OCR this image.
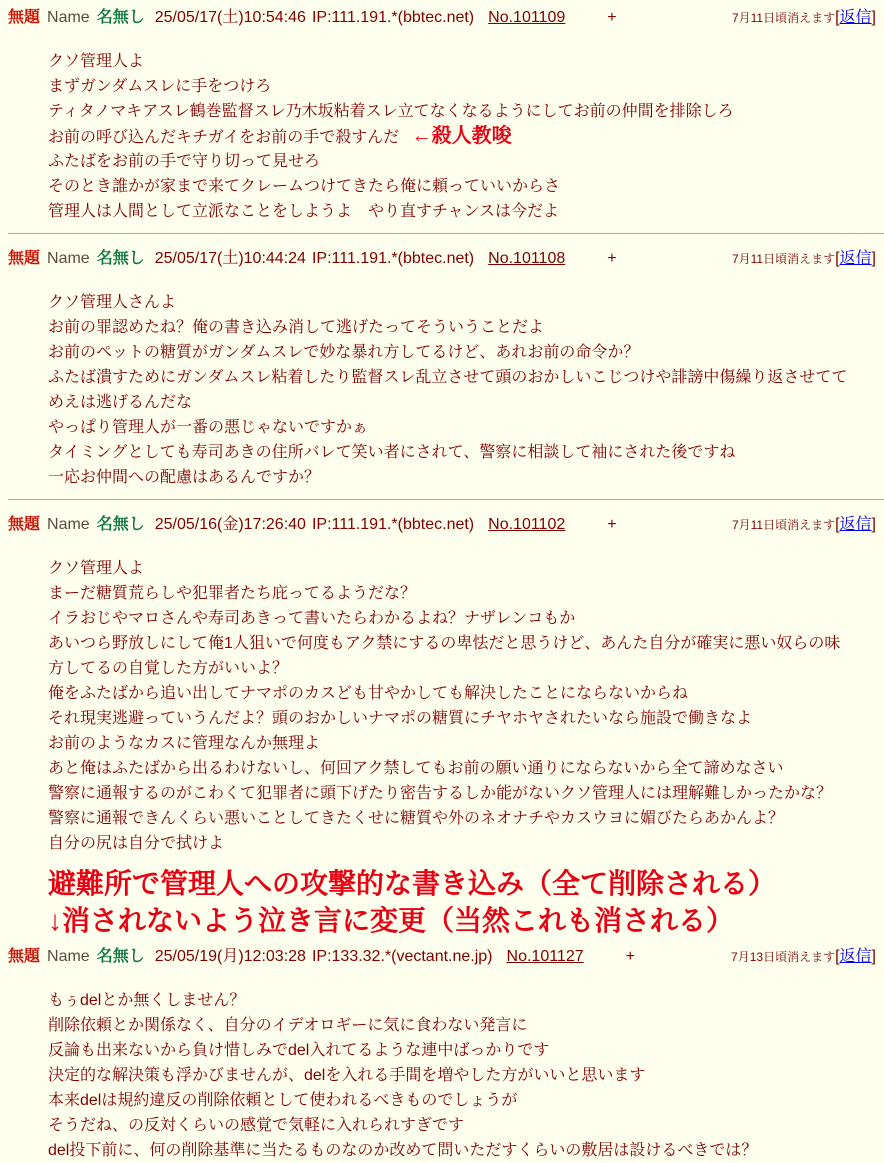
無題 Name 名無し 25/05/17(土)10:54:46 IP:111.191.*(bbtec.net) No.101109	+	7月11日頃消えます [ 返信 ]
クソ管理人よ
まずガンダムスレに手をつけろ
ティタノマキアスレ鶴巻監督スレ乃木坂粘着スレ立てなくなるようにしてお前の仲間を排除しろ
お前の呼び込んだキチガイをお前の手で殺すんだ ←殺人教唆
ふたばをお前の手で守り切って見せろ
そのとき誰かが家まで来てクレームつけてきたら俺に頼っていいからさ
管理人は人間として立派なことをしようよ　やり直すチャンスは今だよ
無題 Name 名無し 25/05/17(土)10:44:24 IP:111.191.*(bbtec.net) No.101108	+	7月11日頃消えます [ 返信 ]
クソ管理人さんよ
お前の罪認めたね？俺の書き込み消して逃げたってそういうことだよ
お前のペットの糖質がガンダムスレで妙な暴れ方してるけど、あれお前の命令か？
ふたば潰すためにガンダムスレ粘着したり監督スレ乱立させて頭のおかしいこじつけや誹謗中傷繰り返させてて
めえは逃げるんだな
やっぱり管理人が一番の悪じゃないですかぁ
タイミングとしても寿司あきの住所バレて笑い者にされて、警察に相談して袖にされた後ですね
一応お仲間への配慮はあるんですか？
無題 Name 名無し 25/05/16(金)17:26:40 IP:111.191.*(bbtec.net) No.101102	+	7月11日頃消えます [ 返信 ]
クソ管理人よ
まーだ糖質荒らしや犯罪者たち庇ってるようだな？
イラおじやマロさんや寿司あきって書いたらわかるよね？ナザレンコもか
あいつら野放しにして俺1人狙いで何度もアク禁にするの卑怯だと思うけど、あんた自分が確実に悪い奴らの味
方してるの自覚した方がいいよ？
俺をふたばから追い出してナマポのカスども甘やかしても解決したことにならないからね
それ現実逃避っていうんだよ？頭のおかしいナマポの糖質にチヤホヤされたいなら施設で働きなよ
お前のようなカスに管理なんか無理よ
あと俺はふたばから出るわけないし、何回アク禁してもお前の願い通りにならないから全て諦めなさい
警察に通報するのがこわくて犯罪者に頭下げたり密告するしか能がないクソ管理人には理解難しかったかな？
警察に通報できんくらい悪いことしてきたくせに糖質や外のネオナチやカスウヨに媚びたらあかんよ？
自分の尻は自分で拭けよ
避難所で管理人への攻撃的な書き込み（全て削除される）
↓消されないよう泣き言に変更（当然これも消される）
無題 Name 名無し 25/05/19(月)12:03:28 IP:133.32.*(vectant.ne.jp) No.101127	+	7月13日頃消えます [ 返信 ]
もぅdelとか無くしません？
削除依頼とか関係なく、自分のイデオロギーに気に食わない発言に
反論も出来ないから負け惜しみでdel入れてるような連中ばっかりです
決定的な解決策も浮かびませんが、delを入れる手間を増やした方がいいと思います
本来delは規約違反の削除依頼として使われるべきものでしょうが
そうだね、の反対くらいの感覚で気軽に入れられすぎです
del投下前に、何の削除基準に当たるものなのか改めて問いただすくらいの敷居は設けるべきでは？
